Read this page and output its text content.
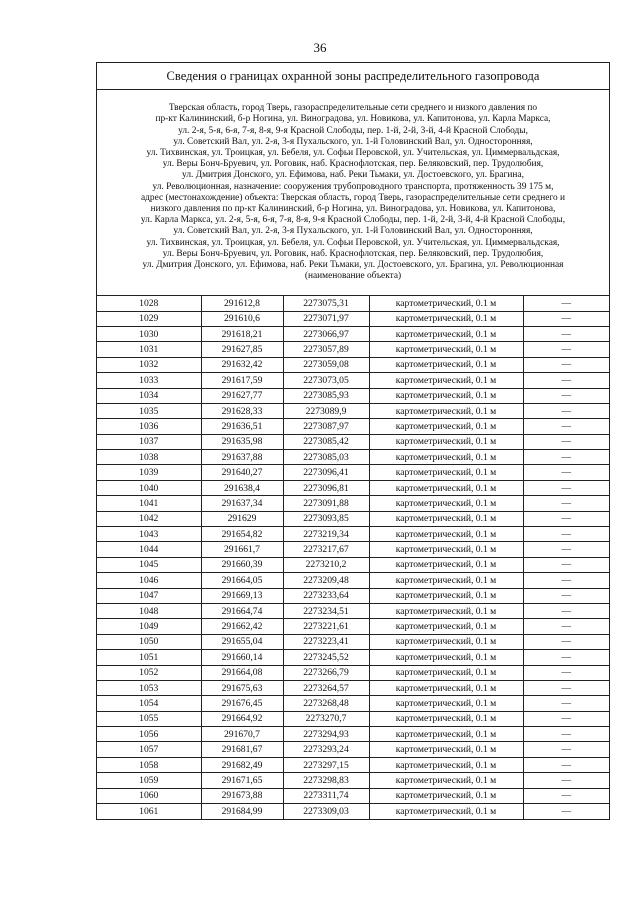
36
Сведения о границах охранной зоны распределительного газопровода

Тверская область, город Тверь, газораспределительные сети среднего и низкого давления по
пр-кт Калининский, б-р Ногина, ул. Виноградова, ул. Новикова, ул. Капитонова, ул. Карла Маркса,
ул. 2-я, 5-я, 6-я, 7-я, 8-я, 9-я Красной Слободы, пер. 1-й, 2-й, 3-й, 4-й Красной Слободы,
ул. Советский Вал, ул. 2-я, 3-я Пухальского, ул. 1-й Головинский Вал, ул. Односторонняя,
ул. Тихвинская, ул. Троицкая, ул. Бебеля, ул. Софьи Перовской, ул. Учительская, ул. Циммервальдская,
ул. Веры Бонч-Бруевич, ул. Роговик, наб. Краснофлотская, пер. Беляковский, пер. Трудолюбия,
ул. Дмитрия Донского, ул. Ефимова, наб. Реки Тьмаки, ул. Достоевского, ул. Брагина,
ул. Революционная, назначение: сооружения трубопроводного транспорта, протяженность 39 175 м,
адрес (местонахождение) объекта: Тверская область, город Тверь, газораспределительные сети среднего и
низкого давления по пр-кт Калининский, б-р Ногина, ул. Виноградова, ул. Новикова, ул. Капитонова,
ул. Карла Маркса, ул. 2-я, 5-я, 6-я, 7-я, 8-я, 9-я Красной Слободы, пер. 1-й, 2-й, 3-й, 4-й Красной Слободы,
ул. Советский Вал, ул. 2-я, 3-я Пухальского, ул. 1-й Головинский Вал, ул. Односторонняя,
ул. Тихвинская, ул. Троицкая, ул. Бебеля, ул. Софьи Перовской, ул. Учительская, ул. Циммервальдская,
ул. Веры Бонч-Бруевич, ул. Роговик, наб. Краснофлотская, пер. Беляковский, пер. Трудолюбия,
ул. Дмитрия Донского, ул. Ефимова, наб. Реки Тьмаки, ул. Достоевского, ул. Брагина, ул. Революционная

(наименование объекта)

1028	291612,8	2273075,31	картометрический, 0.1 м	—
1029	291610,6	2273071,97	картометрический, 0.1 м	—
1030	291618,21	2273066,97	картометрический, 0.1 м	—
1031	291627,85	2273057,89	картометрический, 0.1 м	—
1032	291632,42	2273059,08	картометрический, 0.1 м	—
1033	291617,59	2273073,05	картометрический, 0.1 м	—
1034	291627,77	2273085,93	картометрический, 0.1 м	—
1035	291628,33	2273089,9	картометрический, 0.1 м	—
1036	291636,51	2273087,97	картометрический, 0.1 м	—
1037	291635,98	2273085,42	картометрический, 0.1 м	—
1038	291637,88	2273085,03	картометрический, 0.1 м	—
1039	291640,27	2273096,41	картометрический, 0.1 м	—
1040	291638,4	2273096,81	картометрический, 0.1 м	—
1041	291637,34	2273091,88	картометрический, 0.1 м	—
1042	291629	2273093,85	картометрический, 0.1 м	—
1043	291654,82	2273219,34	картометрический, 0.1 м	—
1044	291661,7	2273217,67	картометрический, 0.1 м	—
1045	291660,39	2273210,2	картометрический, 0.1 м	—
1046	291664,05	2273209,48	картометрический, 0.1 м	—
1047	291669,13	2273233,64	картометрический, 0.1 м	—
1048	291664,74	2273234,51	картометрический, 0.1 м	—
1049	291662,42	2273221,61	картометрический, 0.1 м	—
1050	291655,04	2273223,41	картометрический, 0.1 м	—
1051	291660,14	2273245,52	картометрический, 0.1 м	—
1052	291664,08	2273266,79	картометрический, 0.1 м	—
1053	291675,63	2273264,57	картометрический, 0.1 м	—
1054	291676,45	2273268,48	картометрический, 0.1 м	—
1055	291664,92	2273270,7	картометрический, 0.1 м	—
1056	291670,7	2273294,93	картометрический, 0.1 м	—
1057	291681,67	2273293,24	картометрический, 0.1 м	—
1058	291682,49	2273297,15	картометрический, 0.1 м	—
1059	291671,65	2273298,83	картометрический, 0.1 м	—
1060	291673,88	2273311,74	картометрический, 0.1 м	—
1061	291684,99	2273309,03	картометрический, 0.1 м	—
